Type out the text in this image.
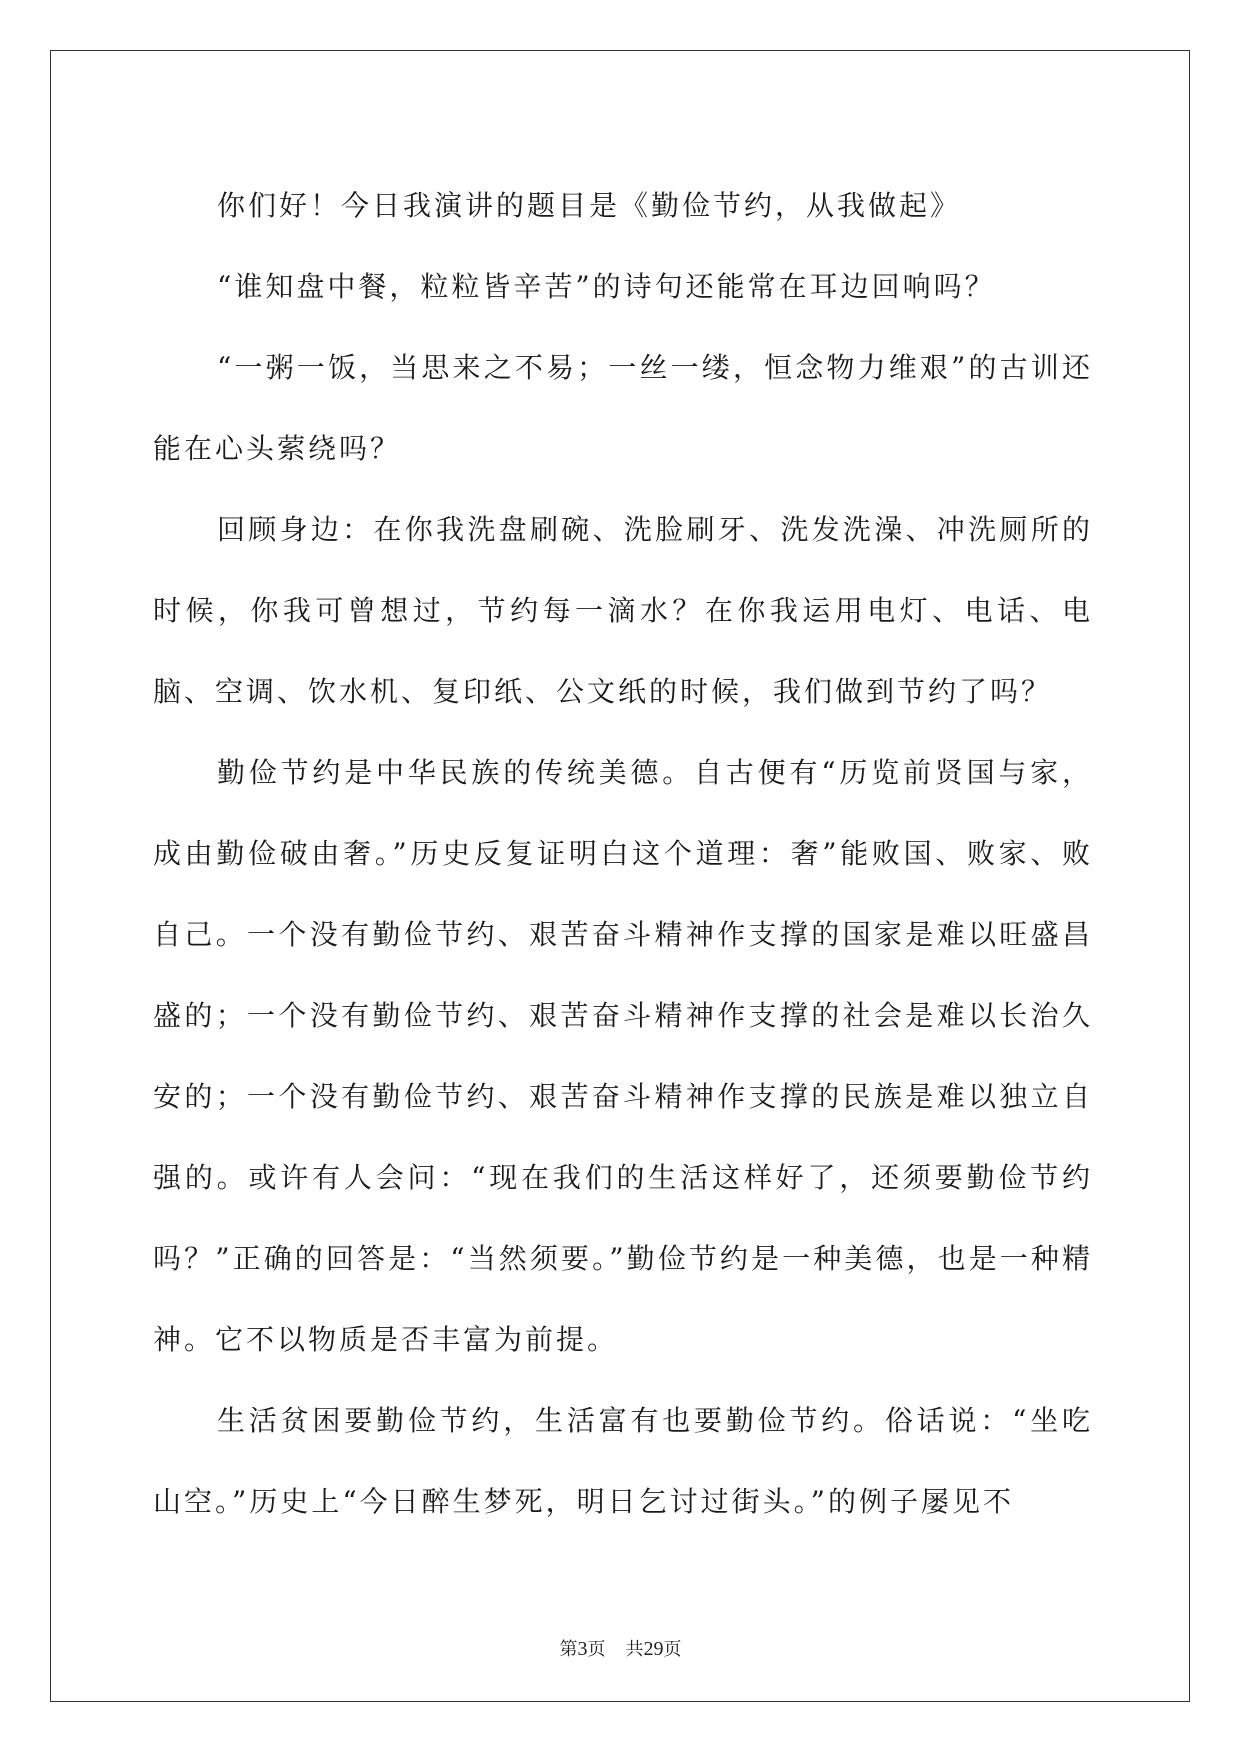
你们好！今日我演讲的题目是《勤俭节约，从我做起》

“谁知盘中餐，粒粒皆辛苦”的诗句还能常在耳边回响吗？

“一粥一饭，当思来之不易；一丝一缕，恒念物力维艰”的古训还能在心头萦绕吗？

回顾身边：在你我洗盘刷碗、洗脸刷牙、洗发洗澡、冲洗厕所的时候，你我可曾想过，节约每一滴水？在你我运用电灯、电话、电脑、空调、饮水机、复印纸、公文纸的时候，我们做到节约了吗？

勤俭节约是中华民族的传统美德。自古便有“历览前贤国与家，成由勤俭破由奢。”历史反复证明白这个道理：奢”能败国、败家、败自己。一个没有勤俭节约、艰苦奋斗精神作支撑的国家是难以旺盛昌盛的；一个没有勤俭节约、艰苦奋斗精神作支撑的社会是难以长治久安的；一个没有勤俭节约、艰苦奋斗精神作支撑的民族是难以独立自强的。或许有人会问：“现在我们的生活这样好了，还须要勤俭节约吗？”正确的回答是：“当然须要。”勤俭节约是一种美德，也是一种精神。它不以物质是否丰富为前提。

生活贫困要勤俭节约，生活富有也要勤俭节约。俗话说：“坐吃山空。”历史上“今日醉生梦死，明日乞讨过街头。”的例子屡见不

第3页 共29页
